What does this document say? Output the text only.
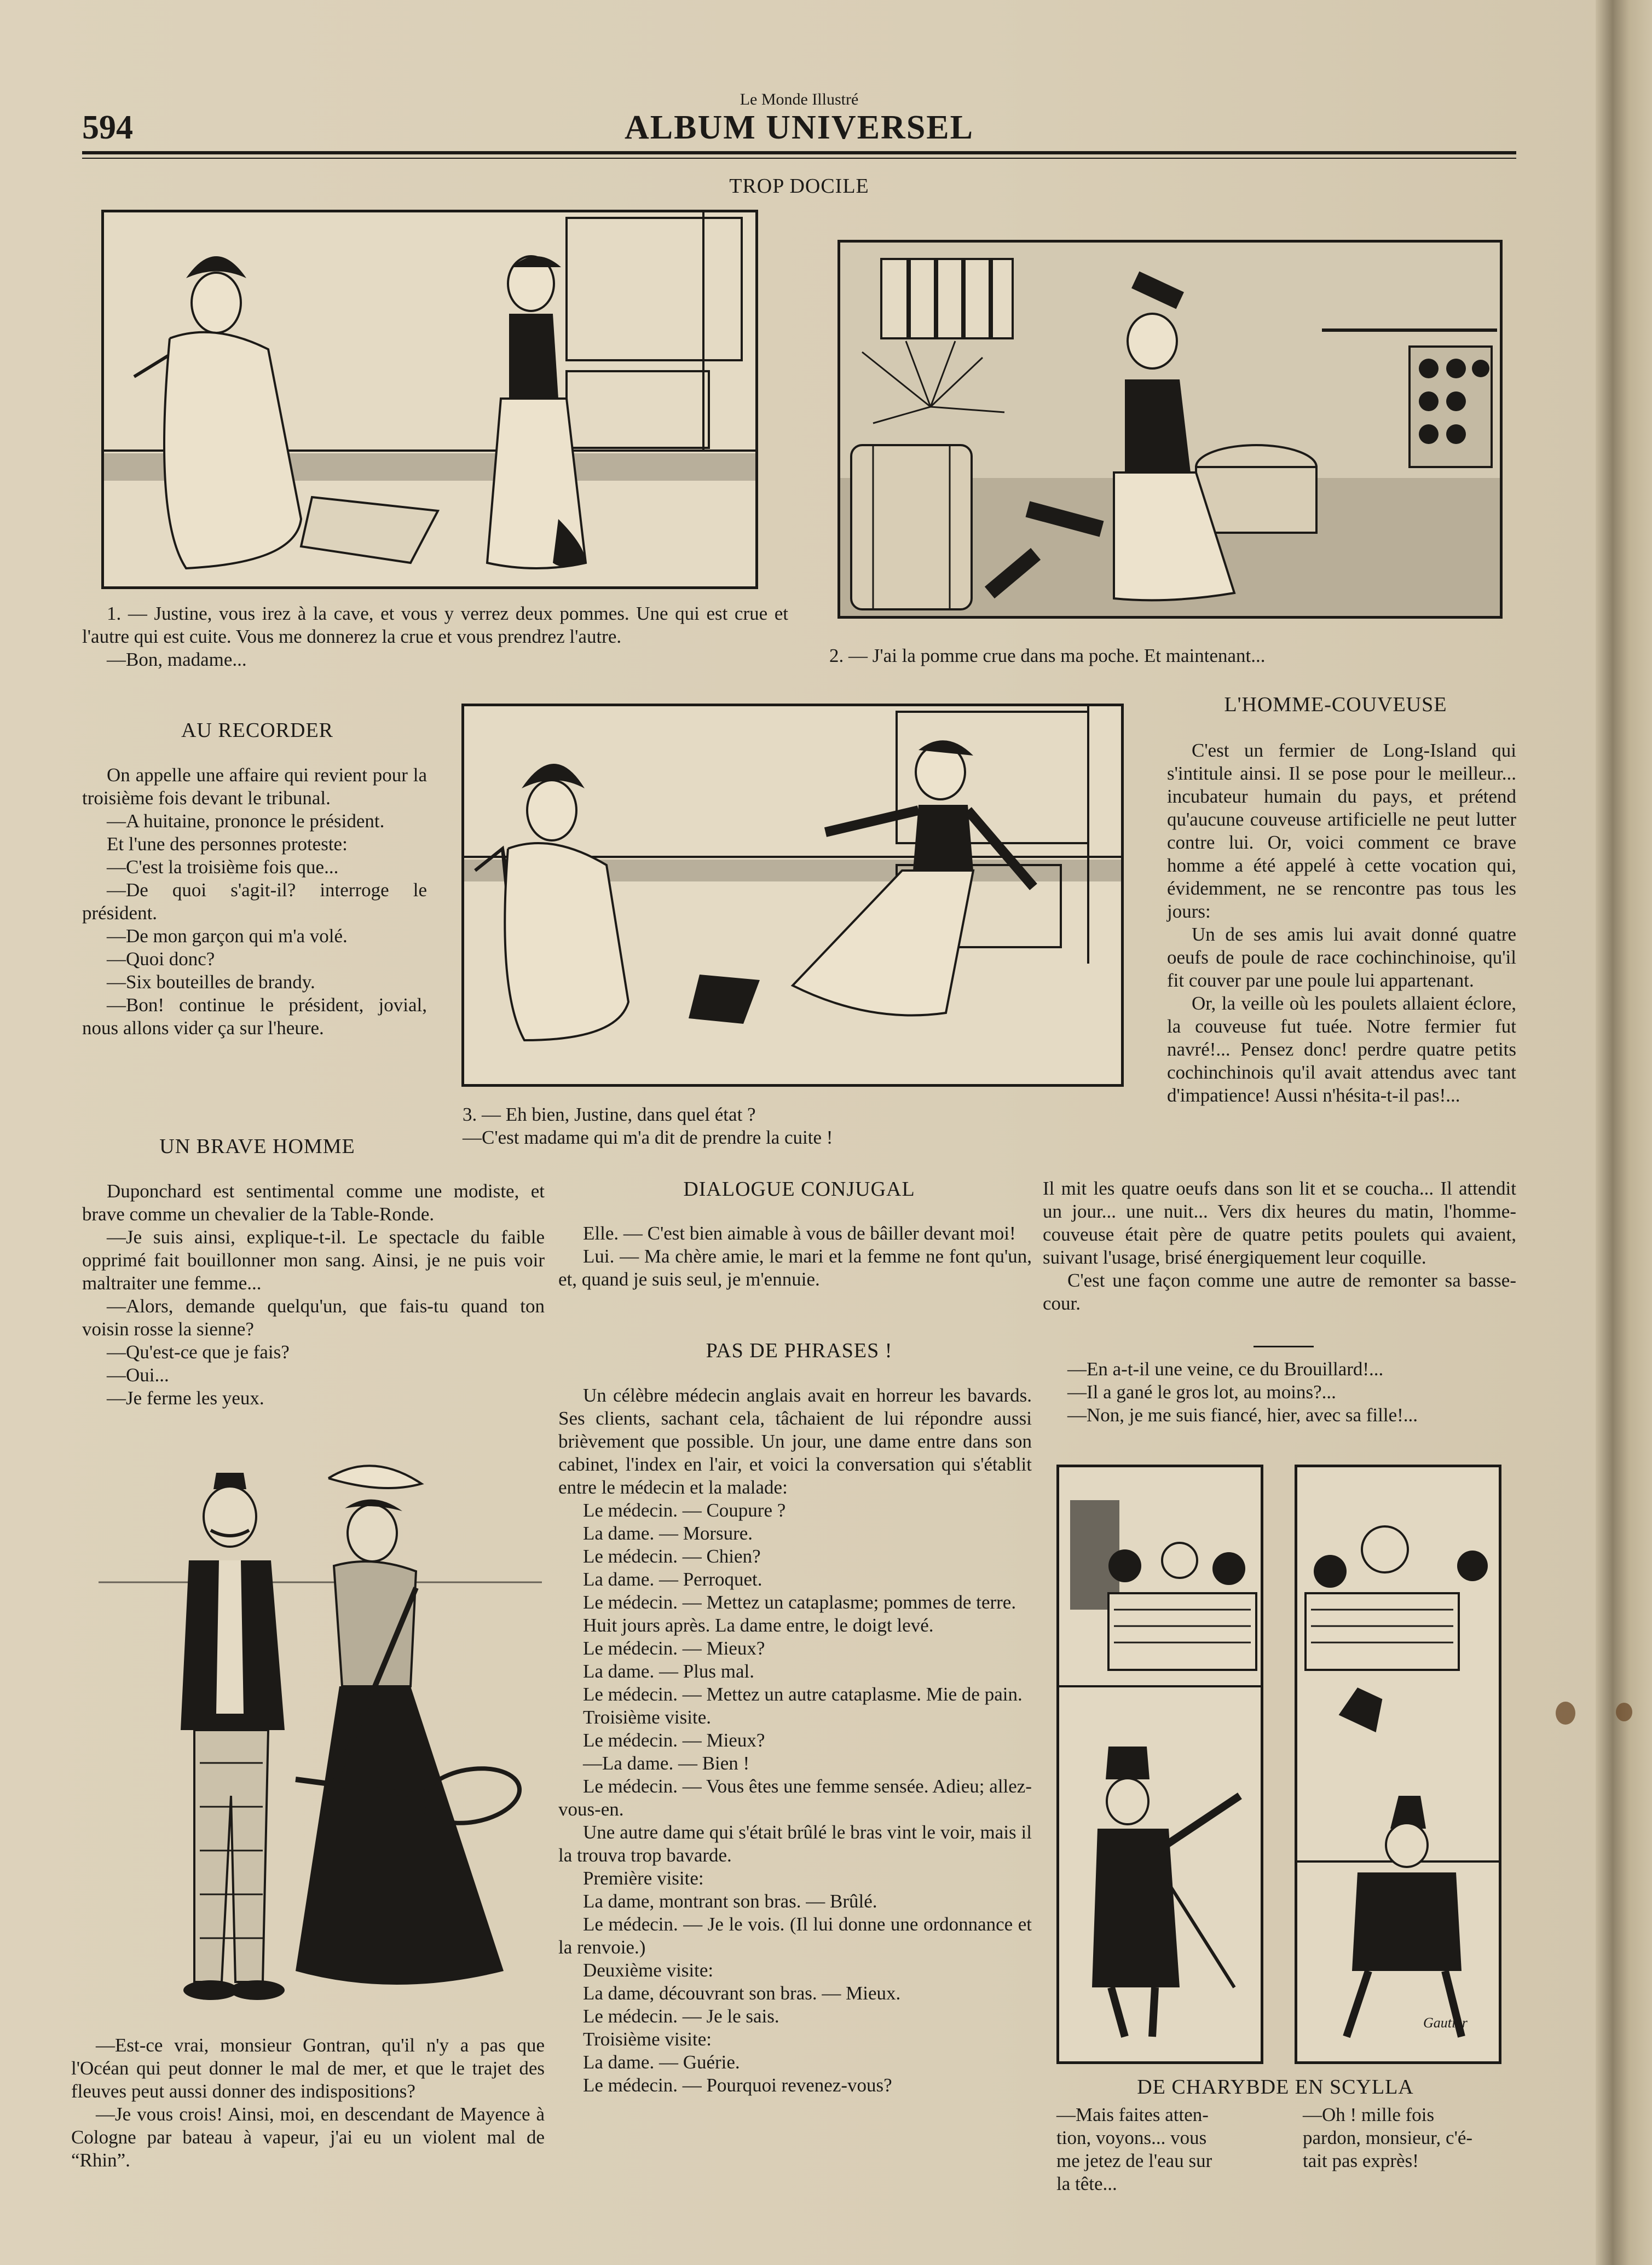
Le Monde Illustré
594	ALBUM UNIVERSEL
TROP DOCILE

1. — Justine, vous irez à la cave, et vous y verrez deux pommes. Une qui est crue et l'autre qui est cuite. Vous me donnerez la crue et vous prendrez l'autre.

—Bon, madame...	2. — J'ai la pomme crue dans ma poche. Et maintenant...
AU RECORDER

On appelle une affaire qui revient pour la troisième fois devant le tribunal.

—A huitaine, prononce le président.

Et l'une des personnes proteste:

—C'est la troisième fois que...

—De quoi s'agit-il? interroge le président.

—De mon garçon qui m'a volé.

—Quoi donc?

—Six bouteilles de brandy.

—Bon! continue le président, jovial, nous allons vider ça sur l'heure.

3. — Eh bien, Justine, dans quel état ?

—C'est madame qui m'a dit de prendre la cuite !

UN BRAVE HOMME

Duponchard est sentimental comme une modiste, et brave comme un chevalier de la Table-Ronde.

—Je suis ainsi, explique-t-il. Le spectacle du faible opprimé fait bouillonner mon sang. Ainsi, je ne puis voir maltraiter une femme...

—Alors, demande quelqu'un, que fais-tu quand ton voisin rosse la sienne?

—Qu'est-ce que je fais?

—Oui...

—Je ferme les yeux.

—Est-ce vrai, monsieur Gontran, qu'il n'y a pas que l'Océan qui peut donner le mal de mer, et que le trajet des fleuves peut aussi donner des indispositions?

—Je vous crois! Ainsi, moi, en descendant de Mayence à Cologne par bateau à vapeur, j'ai eu un violent mal de “Rhin”.

DIALOGUE CONJUGAL

Elle. — C'est bien aimable à vous de bâiller devant moi!

Lui. — Ma chère amie, le mari et la femme ne font qu'un, et, quand je suis seul, je m'ennuie.

PAS DE PHRASES !

Un célèbre médecin anglais avait en horreur les bavards. Ses clients, sachant cela, tâchaient de lui répondre aussi brièvement que possible. Un jour, une dame entre dans son cabinet, l'index en l'air, et voici la conversation qui s'établit entre le médecin et la malade:

Le médecin. — Coupure ?

La dame. — Morsure.

Le médecin. — Chien?

La dame. — Perroquet.

Le médecin. — Mettez un cataplasme; pommes de terre.

Huit jours après. La dame entre, le doigt levé.

Le médecin. — Mieux?

La dame. — Plus mal.

Le médecin. — Mettez un autre cataplasme. Mie de pain.

Troisième visite.

Le médecin. — Mieux?

—La dame. — Bien !

Le médecin. — Vous êtes une femme sensée. Adieu; allez-vous-en.

Une autre dame qui s'était brûlé le bras vint le voir, mais il la trouva trop bavarde.

Première visite:

La dame, montrant son bras. — Brûlé.

Le médecin. — Je le vois. (Il lui donne une ordonnance et la renvoie.)

Deuxième visite:

La dame, découvrant son bras. — Mieux.

Le médecin. — Je le sais.

Troisième visite:

La dame. — Guérie.

Le médecin. — Pourquoi revenez-vous?

L'HOMME-COUVEUSE

C'est un fermier de Long-Island qui s'intitule ainsi. Il se pose pour le meilleur... incubateur humain du pays, et prétend qu'aucune couveuse artificielle ne peut lutter contre lui. Or, voici comment ce brave homme a été appelé à cette vocation qui, évidemment, ne se rencontre pas tous les jours:

Un de ses amis lui avait donné quatre oeufs de poule de race cochinchinoise, qu'il fit couver par une poule lui appartenant.

Or, la veille où les poulets allaient éclore, la couveuse fut tuée. Notre fermier fut navré!... Pensez donc! perdre quatre petits cochinchinois qu'il avait attendus avec tant d'impatience! Aussi n'hésita-t-il pas!...

Il mit les quatre oeufs dans son lit et se coucha... Il attendit un jour... une nuit... Vers dix heures du matin, l'homme-couveuse était père de quatre petits poulets qui avaient, suivant l'usage, brisé énergiquement leur coquille.

C'est une façon comme une autre de remonter sa basse-cour.

—En a-t-il une veine, ce du Brouillard!...

—Il a gané le gros lot, au moins?...

—Non, je me suis fiancé, hier, avec sa fille!...

Gautier
DE CHARYBDE EN SCYLLA

—Mais faites atten-

tion, voyons... vous

me jetez de l'eau sur

la tête...

—Oh ! mille fois

pardon, monsieur, c'é-

tait pas exprès!
